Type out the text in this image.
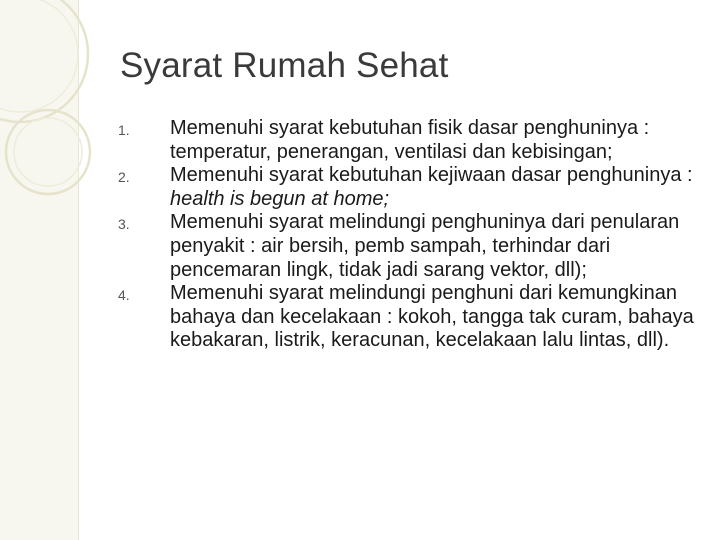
Syarat Rumah Sehat
1. Memenuhi syarat kebutuhan fisik dasar penghuninya : temperatur, penerangan, ventilasi dan kebisingan;
2. Memenuhi syarat kebutuhan kejiwaan dasar penghuninya : health is begun at home;
3. Memenuhi syarat melindungi penghuninya dari penularan penyakit : air bersih, pemb sampah, terhindar dari pencemaran lingk, tidak jadi sarang vektor, dll);
4. Memenuhi syarat melindungi penghuni dari kemungkinan bahaya dan kecelakaan : kokoh, tangga tak curam, bahaya kebakaran, listrik, keracunan, kecelakaan lalu lintas, dll).
